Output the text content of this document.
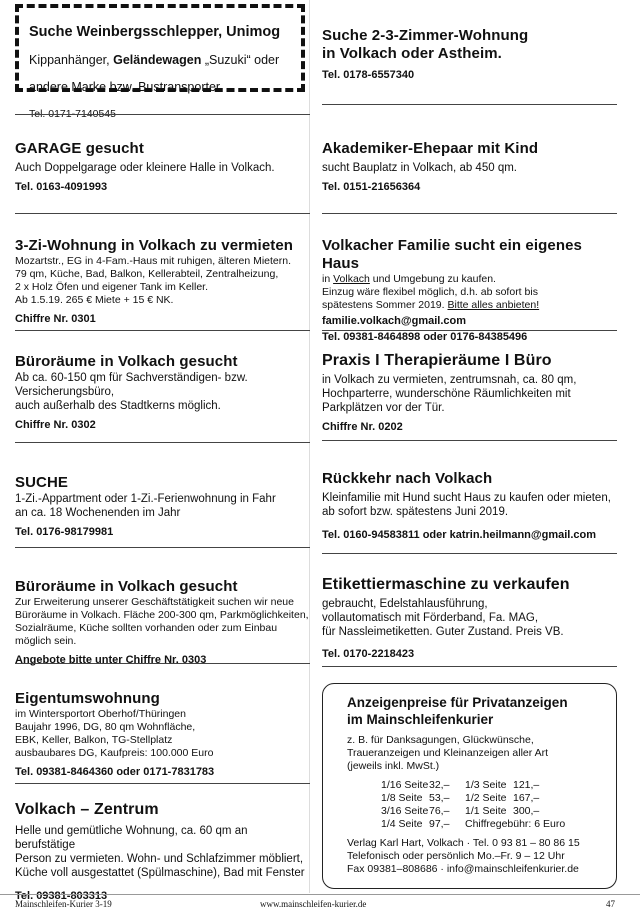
Suche Weinbergsschlepper, Unimog

Kippanhänger, Geländewagen „Suzuki“ oder

andere Marke bzw. Bustransporter.

Tel. 0171-7140545
GARAGE gesucht

Auch Doppelgarage oder kleinere Halle in Volkach.

Tel. 0163-4091993
3-Zi-Wohnung in Volkach zu vermieten

Mozartstr., EG in 4-Fam.-Haus mit ruhigen, älteren Mietern.

79 qm, Küche, Bad, Balkon, Kellerabteil, Zentralheizung,

2 x Holz Öfen und eigener Tank im Keller.

Ab 1.5.19. 265 € Miete + 15 € NK.

Chiffre Nr. 0301
Büroräume in Volkach gesucht

Ab ca. 60-150 qm für Sachverständigen- bzw.

Versicherungsbüro,

auch außerhalb des Stadtkerns möglich.

Chiffre Nr. 0302
SUCHE

1-Zi.-Appartment oder 1-Zi.-Ferienwohnung in Fahr

an ca. 18 Wochenenden im Jahr

Tel. 0176-98179981
Büroräume in Volkach gesucht

Zur Erweiterung unserer Geschäftstätigkeit suchen wir neue

Büroräume in Volkach. Fläche 200-300 qm, Parkmöglichkeiten,

Sozialräume, Küche sollten vorhanden oder zum Einbau

möglich sein.

Angebote bitte unter Chiffre Nr. 0303
Eigentumswohnung

im Wintersportort Oberhof/Thüringen

Baujahr 1996, DG, 80 qm Wohnfläche,

EBK, Keller, Balkon, TG-Stellplatz

ausbaubares DG, Kaufpreis: 100.000 Euro

Tel. 09381-8464360 oder 0171-7831783
Volkach – Zentrum

Helle und gemütliche Wohnung, ca. 60 qm an berufstätige

Person zu vermieten. Wohn- und Schlafzimmer möbliert,

Küche voll ausgestattet (Spülmaschine), Bad mit Fenster

Tel. 09381-803313
Suche 2-3-Zimmer-Wohnung
in Volkach oder Astheim.
Tel. 0178-6557340
Akademiker-Ehepaar mit Kind

sucht Bauplatz in Volkach, ab 450 qm.

Tel. 0151-21656364
Volkacher Familie sucht ein eigenes Haus

in Volkach und Umgebung zu kaufen.

Einzug wäre flexibel möglich, d.h. ab sofort bis

spätestens Sommer 2019. Bitte alles anbieten!

familie.volkach@gmail.com
Tel. 09381-8464898 oder 0176-84385496
Praxis I Therapieräume I Büro

in Volkach zu vermieten, zentrumsnah, ca. 80 qm,

Hochparterre, wunderschöne Räumlichkeiten mit

Parkplätzen vor der Tür.

Chiffre Nr. 0202
Rückkehr nach Volkach

Kleinfamilie mit Hund sucht Haus zu kaufen oder mieten,

ab sofort bzw. spätestens Juni 2019.

Tel. 0160-94583811 oder katrin.heilmann@gmail.com
Etikettiermaschine zu verkaufen

gebraucht, Edelstahlausführung,

vollautomatisch mit Förderband, Fa. MAG,

für Nassleimetiketten. Guter Zustand. Preis VB.

Tel. 0170-2218423
Anzeigenpreise für Privatanzeigen
im Mainschleifenkurier
z. B. für Danksagungen, Glückwünsche,
Traueranzeigen und Kleinanzeigen aller Art
(jeweils inkl. MwSt.)
1/16 Seite 32,–	1/3 Seite 121,–
1/8 Seite 53,–	1/2 Seite 167,–
3/16 Seite 76,–	1/1 Seite 300,–
1/4 Seite 97,–	Chiffregebühr: 6 Euro
Verlag Karl Hart, Volkach · Tel. 0 93 81 – 80 86 15
Telefonisch oder persönlich Mo.–Fr. 9 – 12 Uhr
Fax 09381–808686 · info@mainschleifenkurier.de
Mainschleifen-Kurier 3-19	www.mainschleifen-kurier.de	47
